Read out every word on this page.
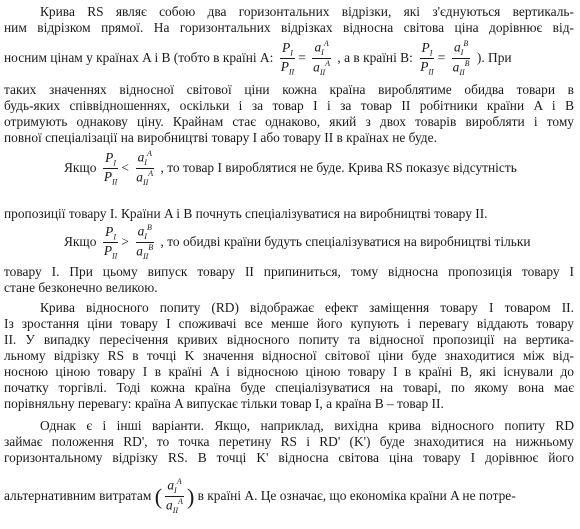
Крива RS являє собою два горизонтальних відрізки, які з'єднуються вертикаль-
ним відрізком прямої. На горизонтальних відрізках відносна світова ціна дорівнює від-
носним цінам у країнах A і B (тобто в країні A: $\frac{P_I}{P_{II}} = \frac{a_I^A}{a_{II}^A}$ , а в країні B: $\frac{P_I}{P_{II}} = \frac{a_I^B}{a_{II}^B}$ ). При
таких значеннях відносної світової ціни кожна країна вироблятиме обидва товари в
будь-яких співвідношеннях, оскільки і за товар I і за товар II робітники країни A і B
отримують однакову ціну. Крайнам стає однаково, який з двох товарів виробляти і тому
повної спеціалізації на виробництві товару I або товару II в країнах не буде.
Якщо $\frac{P_I}{P_{II}} < \frac{a_I^A}{a_{II}^A}$ , то товар I вироблятися не буде. Крива RS показує відсутність
пропозиції товару I. Країни A і B почнуть спеціалізуватися на виробництві товару II.
Якщо $\frac{P_I}{P_{II}} > \frac{a_I^B}{a_{II}^B}$ , то обидві країни будуть спеціалізуватися на виробництві тільки
товару I. При цьому випуск товару II припиниться, тому відносна пропозиція товару I
стане безконечно великою.
Крива відносного попиту (RD) відображає ефект заміщення товару I товаром II.
Із зростання ціни товару I споживачі все менше його купують і перевагу віддають товару
II. У випадку пересічення кривих відносного попиту та відносної пропозиції на вертика-
льному відрізку RS в точці K значення відносної світової ціни буде знаходитися між від-
носною ціною товару I в країні A і відносною ціною товару I в країні B, які існували до
початку торгівлі. Тоді кожна країна буде спеціалізуватися на товарі, по якому вона має
порівняльну перевагу: країна A випускає тільки товар I, а країна B – товар II.
Однак є і інші варіанти. Якщо, наприклад, вихідна крива відносного попиту RD
займає положення RD', то точка перетину RS і RD' (K') буде знаходитися на нижньому
горизонтальному відрізку RS. В точці K' відносна світова ціна товару I дорівнює його
альтернативним витратам ( $\frac{a_I^A}{a_{II}^A}$ ) в країні A. Це означає, що економіка країни A не потре-
